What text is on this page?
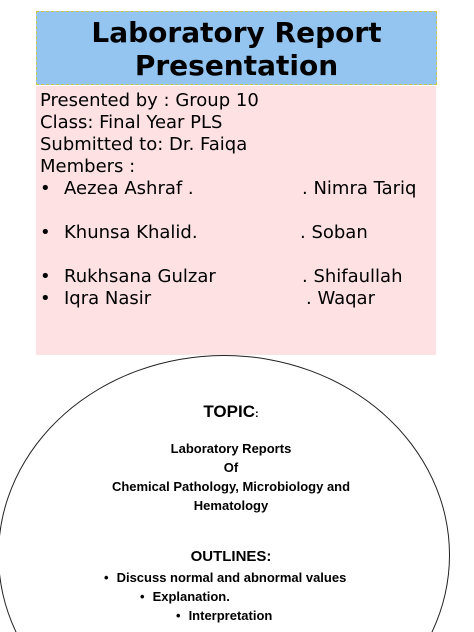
Laboratory Report
Presentation
Presented by : Group 10
Class: Final Year PLS
Submitted to: Dr. Faiqa
Members :
• Aezea Ashraf .	. Nimra Tariq
• Khunsa Khalid.	. Soban
• Rukhsana Gulzar	. Shifaullah
• Iqra Nasir	. Waqar
TOPIC:
Laboratory Reports
Of
Chemical Pathology, Microbiology and
Hematology
OUTLINES:
• Discuss normal and abnormal values
• Explanation.
• Interpretation
